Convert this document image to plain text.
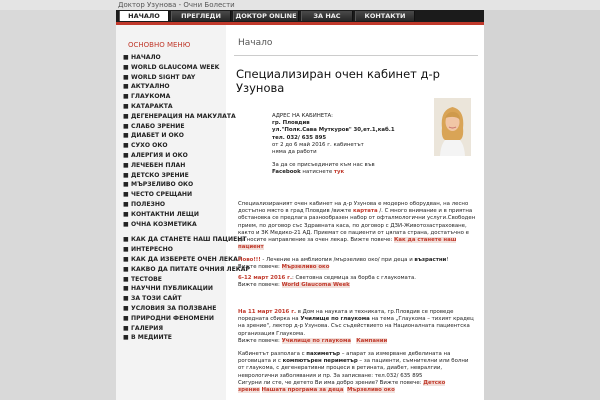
Доктор Узунова - Очни Болести
НАЧАЛО	ПРЕГЛЕДИ	ДОКТОР ONLINE	ЗА НАС	КОНТАКТИ
ОСНОВНО МЕНЮ
■ НАЧАЛО
■ WORLD GLAUCOMA WEEK
■ WORLD SIGHT DAY
■ АКТУАЛНО
■ ГЛАУКОМА
■ КАТАРАКТА
■ ДЕГЕНЕРАЦИЯ НА МАКУЛАТА
■ СЛАБО ЗРЕНИЕ
■ ДИАБЕТ И ОКО
■ СУХО ОКО
■ АЛЕРГИЯ И ОКО
■ ЛЕЧЕБЕН ПЛАН
■ ДЕТСКО ЗРЕНИЕ
■ МЪРЗЕЛИВО ОКО
■ ЧЕСТО СРЕЩАНИ
■ ПОЛЕЗНО
■ КОНТАКТНИ ЛЕЩИ
■ ОЧНА КОЗМЕТИКА
■ КАК ДА СТАНЕТЕ НАШ ПАЦИЕНТ
■ ИНТЕРЕСНО
■ КАК ДА ИЗБЕРЕТЕ ОЧЕН ЛЕКАР
■ КАКВО ДА ПИТАТЕ ОЧНИЯ ЛЕКАР
■ ТЕСТОВЕ
■ НАУЧНИ ПУБЛИКАЦИИ
■ ЗА ТОЗИ САЙТ
■ УСЛОВИЯ ЗА ПОЛЗВАНЕ
■ ПРИРОДНИ ФЕНОМЕНИ
■ ГАЛЕРИЯ
■ В МЕДИИТЕ
Начало
Специализиран очен кабинет д-р Узунова
АДРЕС НА КАБИНЕТА:
гр. Пловдив
ул."Полк.Сава Муткуров" 30,ет.1,каб.1
тел. 032/ 635 895
от 2 до 6 май 2016 г. кабинетът
няма да работи
За да се присъедините към нас във
Facebook натиснете тук
Специализираният очен кабинет на д-р Узунова е модерно оборудван, на лесно достъпно място в град Пловдив /вижте картата /. С много внимание и в приятна обстановка се предлага разнообразен набор от офталмологични услуги.Свободен прием, по договор със Здравната каса, по договор с ДЗИ-Животозастраховане, както и ЗК Медико-21 АД. Приемат се пациенти от цялата страна, достатъчно е да носите направление за очен лекар. Вижте повече: Как да станете наш пациент
Ново!!! - Лечение на амблиопия /мързеливо око/ при деца и възрастни!
Вижте повече: Мързеливо око
6-12 март 2016 г.: Световна седмица за борба с глаукомата.
Вижте повече: World Glaucoma Week
На 11 март 2016 г. в Дом на науката и техниката, гр.Пловдив се проведе поредната сбирка на Училище по глаукома на тема „Глаукома – тихият крадец на зрение", лектор д-р Узунова. Със съдействието на Националната пациентска организация Глаукома.
Вижте повече: Училище по глаукома Кампании
Кабинетът разполага с пахиметър – апарат за измерване дебелината на роговицата и с компютърен периметър – за пациенти, съмнителни или болни от глаукома, с дегенеративни процеси в ретината, диабет, невралгии, неврологични заболявания и пр. За записване: тел.032/ 635 895
Сигурни ли сте, че детето Ви има добро зрение? Вижте повече: Детско зрение Нашата програма за деца Мързеливо око
